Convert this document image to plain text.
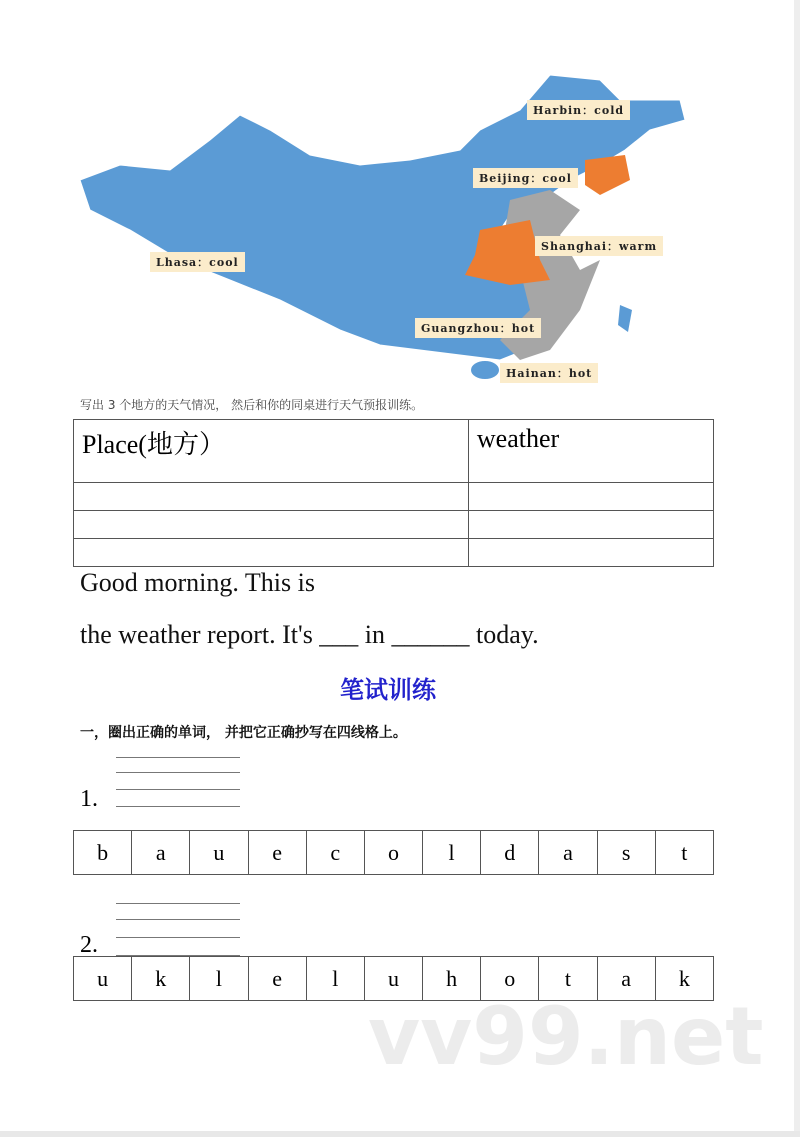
Harbin：cold
Beijing：cool
Shanghai：warm
Lhasa：cool
Guangzhou：hot
Hainan：hot
写出 3 个地方的天气情况， 然后和你的同桌进行天气预报训练。
Place(地方）	weather

Good morning. This is
the weather report. It's ___ in ______ today.
笔试训练
一，圈出正确的单词， 并把它正确抄写在四线格上。
1.
b	a	u	e	c	o	l	d	a	s	t
2.
u	k	l	e	l	u	h	o	t	a	k
vv99.net
